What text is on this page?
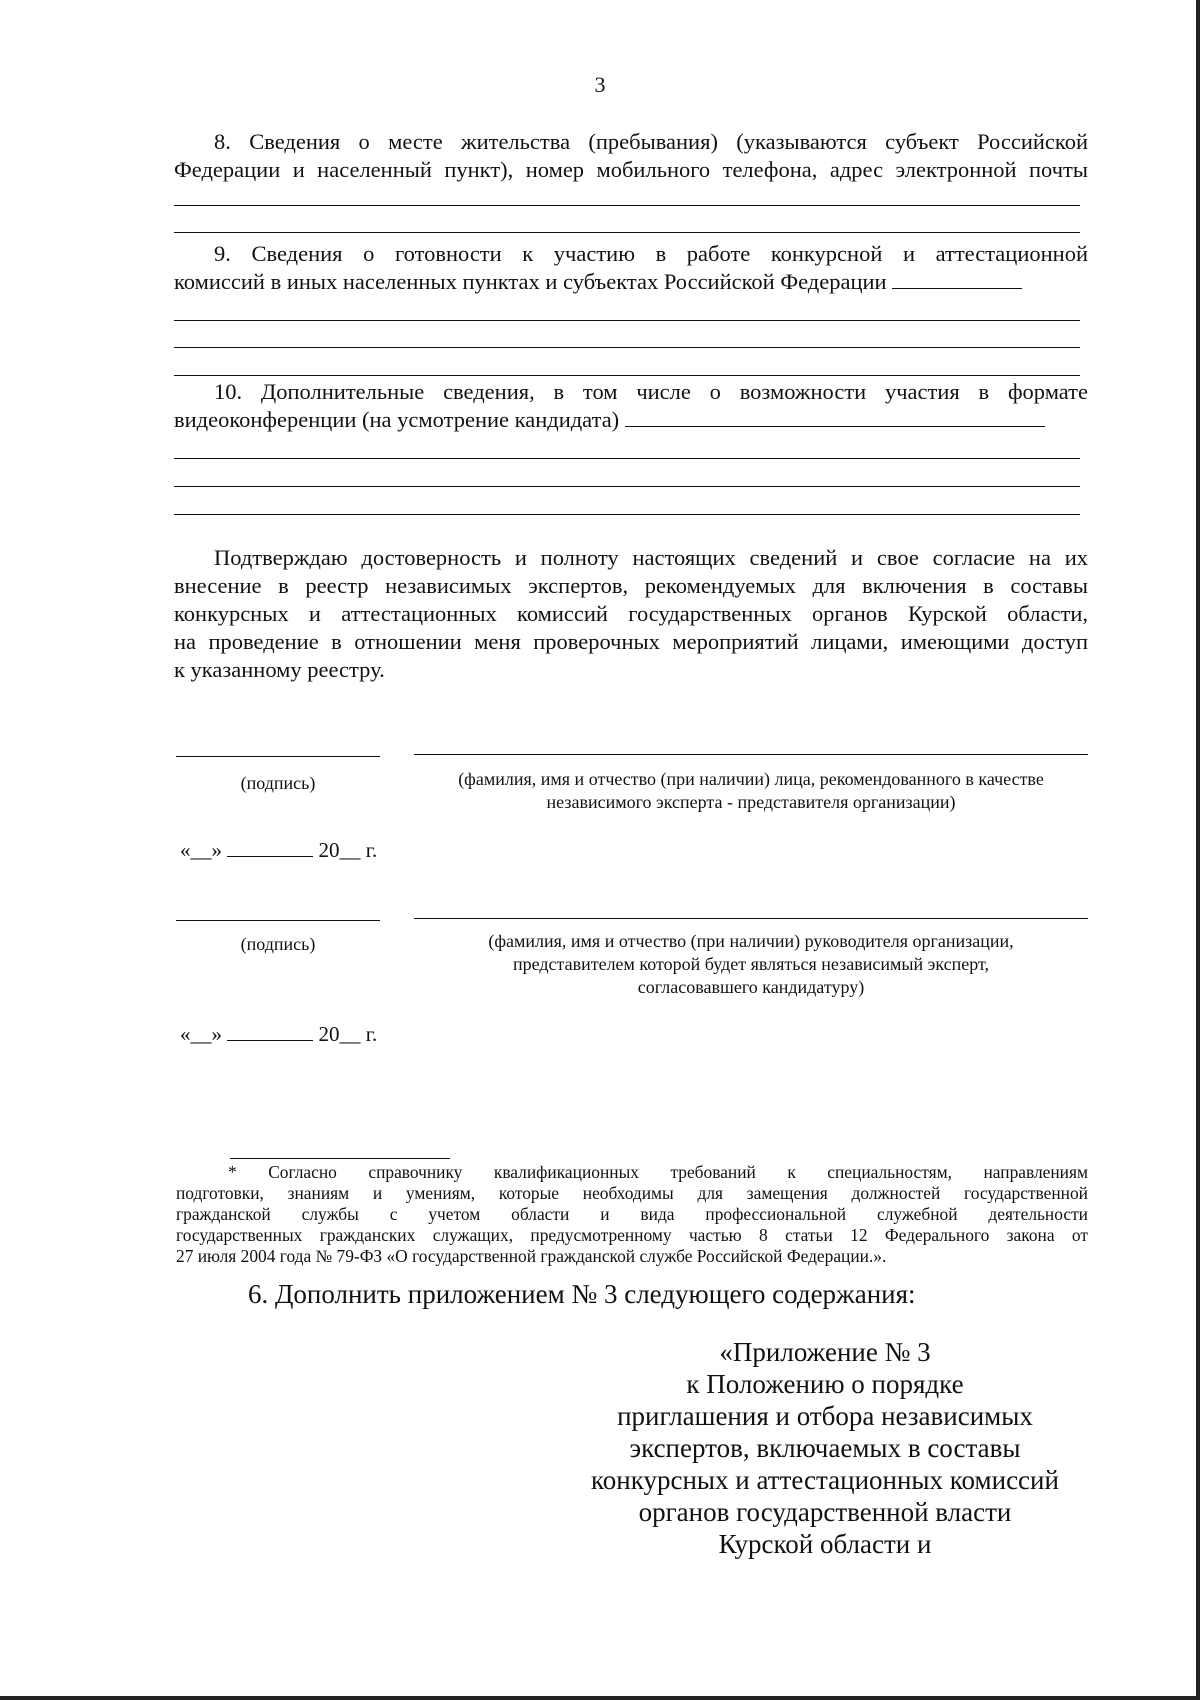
3
8. Сведения о месте жительства (пребывания) (указываются субъект Российской
Федерации и населенный пункт), номер мобильного телефона, адрес электронной почты
9. Сведения о готовности к участию в работе конкурсной и аттестационной
комиссий в иных населенных пунктах и субъектах Российской Федерации
10. Дополнительные сведения, в том числе о возможности участия в формате
видеоконференции (на усмотрение кандидата)
Подтверждаю достоверность и полноту настоящих сведений и свое согласие на их
внесение в реестр независимых экспертов, рекомендуемых для включения в составы
конкурсных и аттестационных комиссий государственных органов Курской области,
на проведение в отношении меня проверочных мероприятий лицами, имеющими доступ
к указанному реестру.
(подпись)	(фамилия, имя и отчество (при наличии) лица, рекомендованного в качестве
независимого эксперта - представителя организации)
«__»	20__ г.
(подпись)	(фамилия, имя и отчество (при наличии) руководителя организации,
представителем которой будет являться независимый эксперт,
согласовавшего кандидатуру)
«__»	20__ г.
* Согласно справочнику квалификационных требований к специальностям, направлениям
подготовки, знаниям и умениям, которые необходимы для замещения должностей государственной
гражданской службы с учетом области и вида профессиональной служебной деятельности
государственных гражданских служащих, предусмотренному частью 8 статьи 12 Федерального закона от
27 июля 2004 года № 79-ФЗ «О государственной гражданской службе Российской Федерации.».
6. Дополнить приложением № 3 следующего содержания:
«Приложение № 3
к Положению о порядке
приглашения и отбора независимых
экспертов, включаемых в составы
конкурсных и аттестационных комиссий
органов государственной власти
Курской области и
